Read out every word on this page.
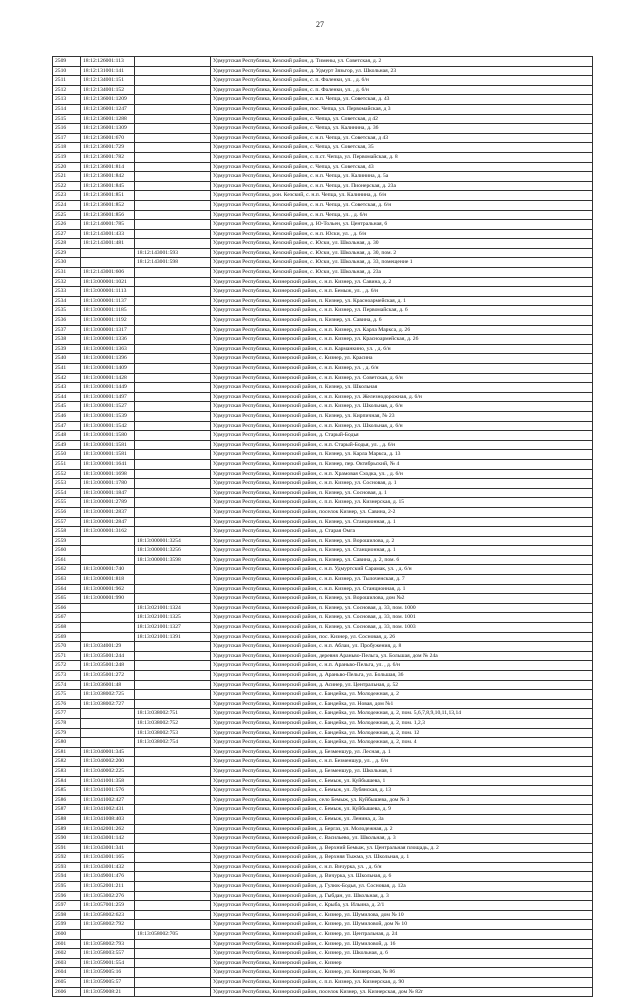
27
2509	18:12:126001:113		Удмуртская Республика, Кезский район, д. Тимены, ул. Советская, д. 2
2510	18:12:131001:141		Удмуртская Республика, Кезский район, д. Удмурт Зязьгор, ул. Школьная, 23
2511	18:12:134001:151		Удмуртская Республика, Кезский район, с. п. Фаленки, ул. , д. 6/н
2512	18:12:134001:152		Удмуртская Республика, Кезский район, с. п. Фаленки, ул. , д. 6/н
2513	18:12:136001:1209		Удмуртская Республика, Кезский район, с. н.п. Чепца, ул. Советская, д. 43
2514	18:12:136001:1247		Удмуртская Республика, Кезский район, пос. Чепца, ул. Первомайская, д 3
2515	18:12:136001:1288		Удмуртская Республика, Кезский район, с. Чепца, ул. Советская, д 42
2516	18:12:136001:1309		Удмуртская Республика, Кезский район, с. Чепца, ул. Калинина, д. 36
2517	18:12:136001:670		Удмуртская Республика, Кезский район, с. н.п. Чепца, ул. Советская, д 43
2518	18:12:136001:729		Удмуртская Республика, Кезский район, с. Чепца, ул. Советская, 35
2519	18:12:136001:782		Удмуртская Республика, Кезский район, с. п.ст. Чепца, ул. Первомайская, д. 8
2520	18:12:136001:814		Удмуртская Республика, Кезский район, с. Чепца, ул. Советская, 43
2521	18:12:136001:842		Удмуртская Республика, Кезский район, с. н.п. Чепца, ул. Калинина, д. 5а
2522	18:12:136001:845		Удмуртская Республика, Кезский район, с. н.п. Чепца, ул. Пионерская, д. 23а
2523	18:12:136001:851		Удмуртская Республика, рон. Кезский, с. н.п. Чепца, ул. Калинина, д. 6/н
2524	18:12:136001:852		Удмуртская Республика, Кезский район, с. н.п. Чепца, ул. Советская, д. 6/н
2525	18:12:136001:856		Удмуртская Республика, Кезский район, с. н.п. Чепца, ул. , д. 6/н
2526	18:12:140001:785		Удмуртская Республика, Кезский район, д. Ю-Тольен, ул. Центральная, 6
2527	18:12:143001:433		Удмуртская Республика, Кезский район, с. н.п. Юски, ул. , д. 6/н
2528	18:12:143001:481		Удмуртская Республика, Кезский район, с. Юски, ул. Школьная, д. 30
2529		18:12:143001:593	Удмуртская Республика, Кезский район, с. Юски, ул. Школьная, д. 30, пом. 2
2530		18:12:143001:598	Удмуртская Республика, Кезский район, с. Юски, ул. Школьная, д. 33, помещение 1
2531	18:12:143001:606		Удмуртская Республика, Кезский район, с. Юски, ул. Школьная, д. 23а
2532	18:13:000001:1021		Удмуртская Республика, Кизнерский район, с. н.п. Кизнер, ул. Савина, д. 2
2533	18:13:000001:1113		Удмуртская Республика, Кизнерский район, с. н.п. Бемыж, ул. , д. 6/н
2534	18:13:000001:1137		Удмуртская Республика, Кизнерский район, п. Кизнер, ул. Красноармейская, д. 1
2535	18:13:000001:1185		Удмуртская Республика, Кизнерский район, с. н.п. Кизнер, ул. Первомайская, д. 6
2536	18:13:000001:1192		Удмуртская Республика, Кизнерский район, п. Кизнер, ул. Савина, д. 6
2537	18:13:000001:1317		Удмуртская Республика, Кизнерский район, с. н.п. Кизнер, ул. Карла Маркса, д. 26
2538	18:13:000001:1336		Удмуртская Республика, Кизнерский район, с. н.п. Кизнер, ул. Красноармейская, д. 26
2539	18:13:000001:1363		Удмуртская Республика, Кизнерский район, с. н.п. Карманкино, ул. , д. 6/н
2540	18:13:000001:1396		Удмуртская Республика, Кизнерский район, с. Кизнер, ул. Красина
2541	18:13:000001:1409		Удмуртская Республика, Кизнерский район, с. н.п. Кизнер, ул. , д. 6/н
2542	18:13:000001:1428		Удмуртская Республика, Кизнерский район, с. н.п. Кизнер, ул. Советская, д. 6/н
2543	18:13:000001:1449		Удмуртская Республика, Кизнерский район, п. Кизнер, ул. Школьная
2544	18:13:000001:1497		Удмуртская Республика, Кизнерский район, с. н.п. Кизнер, ул. Железнодорожная, д. 6/н
2545	18:13:000001:1527		Удмуртская Республика, Кизнерский район, с. н.п. Кизнер, ул. Школьная, д. 6/н
2546	18:13:000001:1539		Удмуртская Республика, Кизнерский район, п. Кизнер, ул. Кирпичная, № 23
2547	18:13:000001:1542		Удмуртская Республика, Кизнерский район, с. н.п. Кизнер, ул. Школьная, д. 6/н
2548	18:13:000001:1580		Удмуртская Республика, Кизнерский район, д. Старый-Бодья
2549	18:13:000001:1581		Удмуртская Республика, Кизнерский район, с. н.п. Старый-Бодья, ул. , д. 6/н
2550	18:13:000001:1581		Удмуртская Республика, Кизнерский район, п. Кизнер, ул. Карла Маркса, д. 13
2551	18:13:000001:1641		Удмуртская Республика, Кизнерский район, п. Кизнер, пер. Октябрьский, № 4
2552	18:13:000001:1698		Удмуртская Республика, Кизнерский район, с. н.п. Храмовая Сходка, ул. , д. 6/н
2553	18:13:000001:1780		Удмуртская Республика, Кизнерский район, с. н.п. Кизнер, ул. Сосновая, д. 1
2554	18:13:000001:1847		Удмуртская Республика, Кизнерский район, п. Кизнер, ул. Сосновая, д. 1
2555	18:13:000001:2789		Удмуртская Республика, Кизнерский район, с. п.п. Кизнер, ул. Кизнерская, д. 15
2556	18:13:000001:2837		Удмуртская Республика, Кизнерский район, поселок Кизнер, ул. Савина, 2-2
2557	18:13:000001:2847		Удмуртская Республика, Кизнерский район, п. Кизнер, ул. Станционная, д. 1
2558	18:13:000001:3162		Удмуртская Республика, Кизнерский район, д. Старая Омга
2559		18:13:000001:3254	Удмуртская Республика, Кизнерский район, п. Кизнер, ул. Ворошилова, д. 2
2560		18:13:000001:3256	Удмуртская Республика, Кизнерский район, п. Кизнер, ул. Станционная, д. 1
2561		18:13:000001:3598	Удмуртская Республика, Кизнерский район, п. Кизнер, ул. Савина, д. 2, пом. 6
2562	18:13:000001:740		Удмуртская Республика, Кизнерский район, с. н.п. Удмуртский Сарамак, ул. , д. 6/н
2563	18:13:000001:818		Удмуртская Республика, Кизнерский район, с. н.п. Кизнер, ул. Тылоченская, д. 7
2564	18:13:000001:962		Удмуртская Республика, Кизнерский район, с. н.п. Кизнер, ул. Станционная, д. 1
2565	18:13:000001:990		Удмуртская Республика, Кизнерский район, п. Кизнер, ул. Ворошилова, дом №2
2566		18:13:021001:1324	Удмуртская Республика, Кизнерский район, п. Кизнер, ул. Сосновая, д. 33, пом. 1000
2567		18:13:021001:1325	Удмуртская Республика, Кизнерский район, п. Кизнер, ул. Сосновая, д. 33, пом. 1001
2568		18:13:021001:1327	Удмуртская Республика, Кизнерский район, п. Кизнер, ул. Сосновая, д. 33, пом. 1003
2569		18:13:021001:1391	Удмуртская Республика, Кизнерский район, пос. Кизнер, ул. Сосновая, д. 26
2570	18:13:034001:29		Удмуртская Республика, Кизнерский район, с. н.п. Аблаи, ул. Пробужения, д. 8
2571	18:13:035001:244		Удмуртская Республика, Кизнерский район, деревня Араньво-Пельга, ул. Большая, дом № 24а
2572	18:13:035001:248		Удмуртская Республика, Кизнерский район, с. н.п. Араньво-Пельга, ул. , д. 6/н
2573	18:13:035001:272		Удмуртская Республика, Кизнерский район, д. Араньво-Пельга, ул. Большая, 36
2574	18:13:036001:48		Удмуртская Республика, Кизнерский район, д. Асинер, ул. Центральная, д. 52
2575	18:13:038002:725		Удмуртская Республика, Кизнерский район, с. Бандейка, ул. Молодежная, д. 2
2576	18:13:038002:727		Удмуртская Республика, Кизнерский район, с. Бандейка, ул. Новая, дом №1
2577		18:13:038002:751	Удмуртская Республика, Кизнерский район, с. Бандейка, ул. Молодежная, д. 2, пом. 5,6,7,8,9,10,11,13,14
2578		18:13:038002:752	Удмуртская Республика, Кизнерский район, с. Бандейка, ул. Молодежная, д. 2, пом. 1,2,3
2579		18:13:038002:753	Удмуртская Республика, Кизнерский район, с. Бандейка, ул. Молодежная, д. 2, пом. 12
2580		18:13:038002:754	Удмуртская Республика, Кизнерский район, с. Бандейка, ул. Молодежная, д. 2, пом. 4
2581	18:13:040001:345		Удмуртская Республика, Кизнерский район, д. Безменшур, ул. Лесная, д. 1
2582	18:13:040002:200		Удмуртская Республика, Кизнерский район, с. н.п. Безменшур, ул. , д. 6/н
2583	18:13:040002:225		Удмуртская Республика, Кизнерский район, д. Безменшур, ул. Школьная, 1
2584	18:13:041001:358		Удмуртская Республика, Кизнерский район, с. Бемыж, ул. Куйбышева, 1
2585	18:13:041001:576		Удмуртская Республика, Кизнерский район, с. Бемыж, ул. Лубянская, д. 13
2586	18:13:041002:427		Удмуртская Республика, Кизнерский район, село Бемыж, ул. Куйбышева, дом № 3
2587	18:13:041002:431		Удмуртская Республика, Кизнерский район, с. Бемыж, ул. Куйбышева, д. 9
2588	18:13:041008:403		Удмуртская Республика, Кизнерский район, с. Бемыж, ул. Ленина, д. 3а
2589	18:13:042001:262		Удмуртская Республика, Кизнерский район, д. Бергаз, ул. Молодежная, д. 2
2590	18:13:043001:142		Удмуртская Республика, Кизнерский район, с. Васильево, ул. Школьная, д. 3
2591	18:13:043001:341		Удмуртская Республика, Кизнерский район, д. Верхний Бемыж, ул. Центральная площадь, д. 2
2592	18:13:043001:165		Удмуртская Республика, Кизнерский район, д. Верхняя Тыжма, ул. Школьная, д. 1
2593	18:13:043001:432		Удмуртская Республика, Кизнерский район, с. н.п. Вичурка, ул. , д. 6/н
2594	18:13:049001:476		Удмуртская Республика, Кизнерский район, д. Вичурка, ул. Школьная, д. 6
2595	18:13:052001:211		Удмуртская Республика, Кизнерский район, д. Гулюк-Бодья, ул. Сосновая, д. 12а
2596	18:13:053002:276		Удмуртская Республика, Кизнерский район, д. Гыбдан, ул. Школьная, д. 3
2597	18:13:057001:259		Удмуртская Республика, Кизнерский район, с. Крыба, ул. Ильина, д. 2/1
2598	18:13:058002:623		Удмуртская Республика, Кизнерский район, с. Кизнер, ул. Шумилова, дом № 10
2599	18:13:058002:792		Удмуртская Республика, Кизнерский район, с. Кизнер, ул. Шумиловой, дом № 10
2600		18:13:058002:705	Удмуртская Республика, Кизнерский район, с. Кизнер, ул. Центральная, д. 24
2601	18:13:058002:793		Удмуртская Республика, Кизнерский район, с. Кизнер, ул. Шумиловой, д. 16
2602	18:13:058003:557		Удмуртская Республика, Кизнерский район, с. Кизнер, ул. Школьная, д. 6
2603	18:13:059001:554		Удмуртская Республика, Кизнерский район, с. Кизнер
2604	18:13:059005:16		Удмуртская Республика, Кизнерский район, с. Кизнер, ул. Кизнерская, № 86
2605	18:13:059005:57		Удмуртская Республика, Кизнерский район, с. п.п. Кизнер, ул. Кизнерская, д. 90
2606	18:13:059008:21		Удмуртская Республика, Кизнерский район, поселок Кизнер, ул. Кизнерская, дом № 82г
